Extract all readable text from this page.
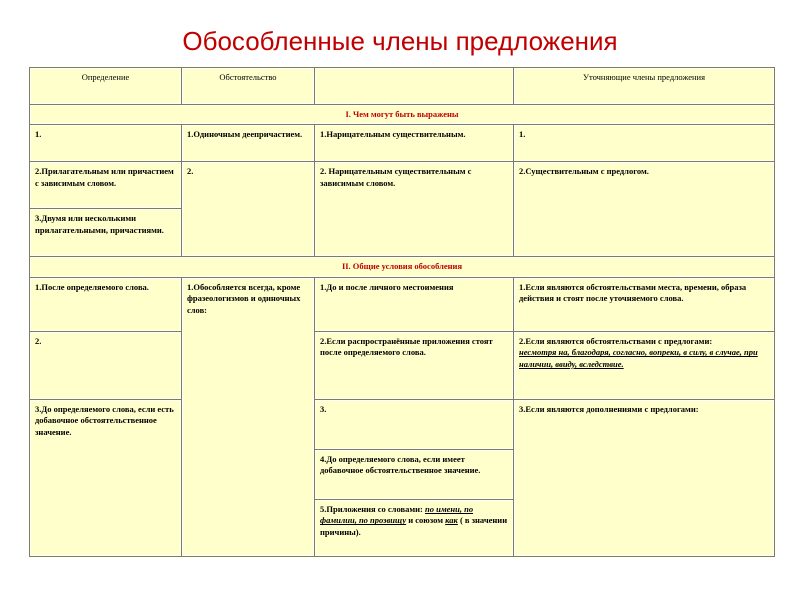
Обособленные члены предложения
Определение	Обстоятельство		Уточняющие члены предложения
I. Чем могут быть выражены			
1.	1.Одиночным деепричастием.	1.Нарицательным существительным.	1.
2.Прилагательным или причастием с зависимым словом.	2.	2. Нарицательным существительным с зависимым словом.	2.Существительным с предлогом.
3.Двумя или несколькими прилагательными, причастиями.			
II. Общие условия обособления			
1.После определяемого слова.	1.Обособляется всегда, кроме фразеологизмов и одиночных слов:	1.До и после личного местоимения	1.Если являются обстоятельствами места, времени, образа действия и стоят после уточняемого слова.
2.		2.Если распространённые приложения стоят после определяемого слова.	2.Если являются обстоятельствами с предлогами:
несмотря на, благодаря, согласно, вопреки, в силу, в случае, при наличии, ввиду, вследствие.
3.До определяемого слова, если есть добавочное обстоятельственное значение.		3.	3.Если являются дополнениями с предлогами:
		4.До определяемого слова, если имеет добавочное обстоятельственное значение.	
		5.Приложения со словами: по имени, по фамилии, по прозвищу и союзом как ( в значении причины).	
